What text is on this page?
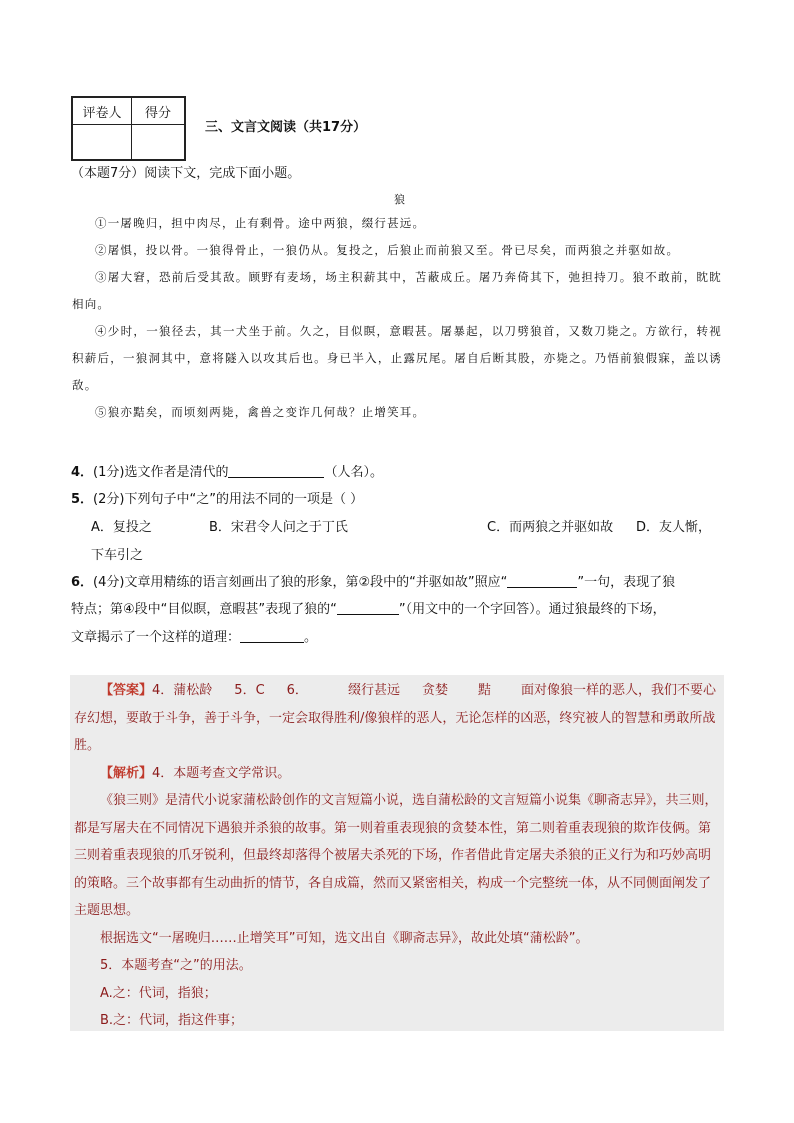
评卷人	得分

三、文言文阅读（共17分）
（本题7分）阅读下文，完成下面小题。
狼

①一屠晚归，担中肉尽，止有剩骨。途中两狼，缀行甚远。

②屠惧，投以骨。一狼得骨止，一狼仍从。复投之，后狼止而前狼又至。骨已尽矣，而两狼之并驱如故。

③屠大窘，恐前后受其敌。顾野有麦场，场主积薪其中，苫蔽成丘。屠乃奔倚其下，弛担持刀。狼不敢前，眈眈相向。

④少时，一狼径去，其一犬坐于前。久之，目似瞑，意暇甚。屠暴起，以刀劈狼首，又数刀毙之。方欲行，转视积薪后，一狼洞其中，意将隧入以攻其后也。身已半入，止露尻尾。屠自后断其股，亦毙之。乃悟前狼假寐，盖以诱敌。

⑤狼亦黠矣，而顷刻两毙，禽兽之变诈几何哉？止增笑耳。

4．(1分)选文作者是清代的	（人名）。
5．(2分)下列句子中“之”的用法不同的一项是（ ）
A．复投之	B．宋君令人问之于丁氏	C．而两狼之并驱如故	D．友人惭，
下车引之
6．(4分)文章用精练的语言刻画出了狼的形象，第②段中的“并驱如故”照应“	”一句，表现了狼
特点；第④段中“目似瞑，意暇甚”表现了狼的“	”（用文中的一个字回答）。通过狼最终的下场，
文章揭示了一个这样的道理：	。

【答案】4．蒲松龄 5．C 6．	缀行甚远 贪婪 黠 面对像狼一样的恶人，我们不要心存幻想，要敢于斗争，善于斗争，一定会取得胜利/像狼样的恶人，无论怎样的凶恶，终究被人的智慧和勇敢所战胜。

【解析】4．本题考查文学常识。

《狼三则》是清代小说家蒲松龄创作的文言短篇小说，选自蒲松龄的文言短篇小说集《聊斋志异》，共三则，都是写屠夫在不同情况下遇狼并杀狼的故事。第一则着重表现狼的贪婪本性，第二则着重表现狼的欺诈伎俩。第三则着重表现狼的爪牙锐利，但最终却落得个被屠夫杀死的下场，作者借此肯定屠夫杀狼的正义行为和巧妙高明的策略。三个故事都有生动曲折的情节，各自成篇，然而又紧密相关，构成一个完整统一体，从不同侧面阐发了主题思想。

根据选文“一屠晚归……止增笑耳”可知，选文出自《聊斋志异》，故此处填“蒲松龄”。

5．本题考查“之”的用法。

A.之：代词，指狼；

B.之：代词，指这件事；
